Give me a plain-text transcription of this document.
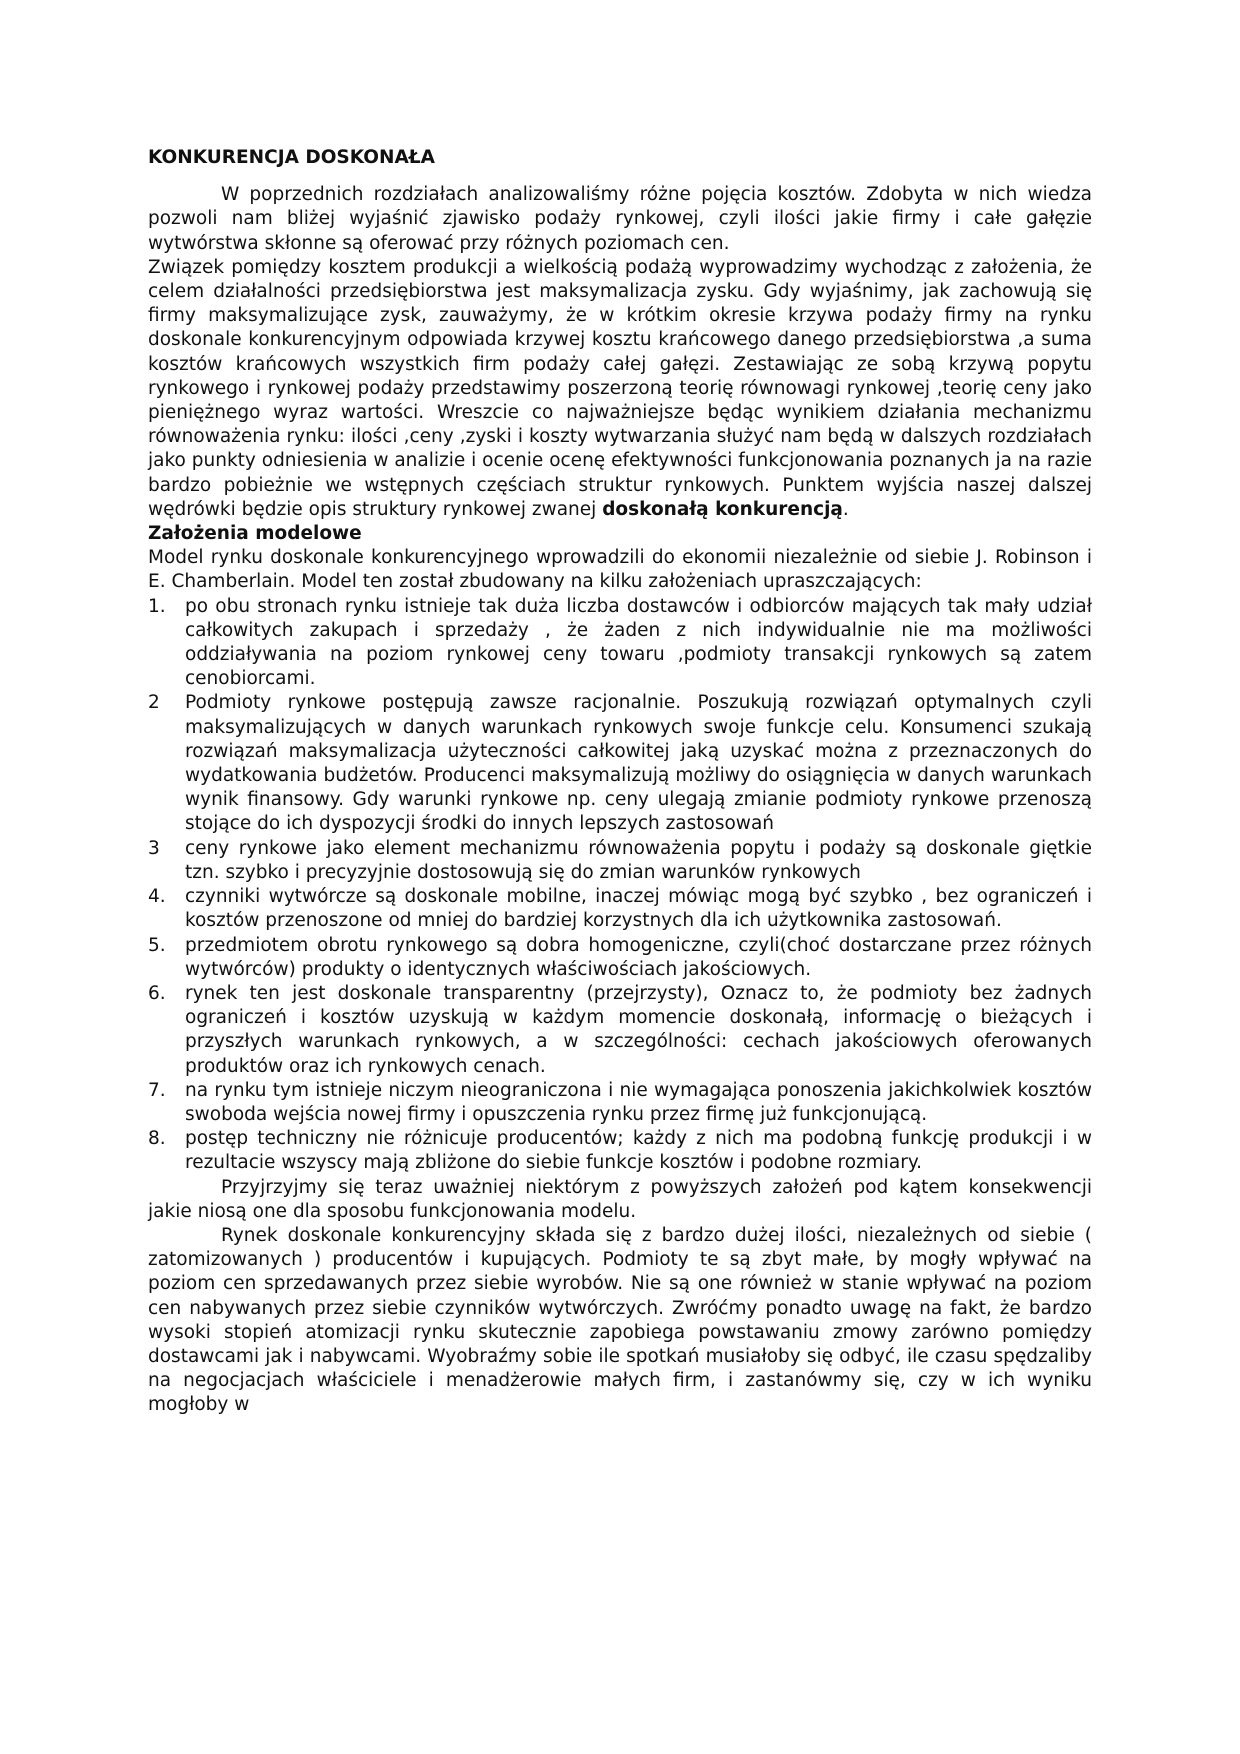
KONKURENCJA DOSKONAŁA

W poprzednich rozdziałach analizowaliśmy różne pojęcia kosztów. Zdobyta w nich wiedza pozwoli nam bliżej wyjaśnić zjawisko podaży rynkowej, czyli ilości jakie firmy i całe gałęzie wytwórstwa skłonne są oferować przy różnych poziomach cen.

Związek pomiędzy kosztem produkcji a wielkością podażą wyprowadzimy wychodząc z założenia, że celem działalności przedsiębiorstwa jest maksymalizacja zysku. Gdy wyjaśnimy, jak zachowują się firmy maksymalizujące zysk, zauważymy, że w krótkim okresie krzywa podaży firmy na rynku doskonale konkurencyjnym odpowiada krzywej kosztu krańcowego danego przedsiębiorstwa ,a suma kosztów krańcowych wszystkich firm podaży całej gałęzi. Zestawiając ze sobą krzywą popytu rynkowego i rynkowej podaży przedstawimy poszerzoną teorię równowagi rynkowej ,teorię ceny jako pieniężnego wyraz wartości. Wreszcie co najważniejsze będąc wynikiem działania mechanizmu równoważenia rynku: ilości ,ceny ,zyski i koszty wytwarzania służyć nam będą w dalszych rozdziałach jako punkty odniesienia w analizie i ocenie ocenę efektywności funkcjonowania poznanych ja na razie bardzo pobieżnie we wstępnych częściach struktur rynkowych. Punktem wyjścia naszej dalszej wędrówki będzie opis struktury rynkowej zwanej doskonałą konkurencją.

Założenia modelowe

Model rynku doskonale konkurencyjnego wprowadzili do ekonomii niezależnie od siebie J. Robinson i E. Chamberlain. Model ten został zbudowany na kilku założeniach upraszczających:

1. po obu stronach rynku istnieje tak duża liczba dostawców i odbiorców mających tak mały udział całkowitych zakupach i sprzedaży , że żaden z nich indywidualnie nie ma możliwości oddziaływania na poziom rynkowej ceny towaru ,podmioty transakcji rynkowych są zatem cenobiorcami.
2 Podmioty rynkowe postępują zawsze racjonalnie. Poszukują rozwiązań optymalnych czyli maksymalizujących w danych warunkach rynkowych swoje funkcje celu. Konsumenci szukają rozwiązań maksymalizacja użyteczności całkowitej jaką uzyskać można z przeznaczonych do wydatkowania budżetów. Producenci maksymalizują możliwy do osiągnięcia w danych warunkach wynik finansowy. Gdy warunki rynkowe np. ceny ulegają zmianie podmioty rynkowe przenoszą stojące do ich dyspozycji środki do innych lepszych zastosowań
3 ceny rynkowe jako element mechanizmu równoważenia popytu i podaży są doskonale giętkie tzn. szybko i precyzyjnie dostosowują się do zmian warunków rynkowych
4. czynniki wytwórcze są doskonale mobilne, inaczej mówiąc mogą być szybko , bez ograniczeń i kosztów przenoszone od mniej do bardziej korzystnych dla ich użytkownika zastosowań.
5. przedmiotem obrotu rynkowego są dobra homogeniczne, czyli(choć dostarczane przez różnych wytwórców) produkty o identycznych właściwościach jakościowych.
6. rynek ten jest doskonale transparentny (przejrzysty), Oznacz to, że podmioty bez żadnych ograniczeń i kosztów uzyskują w każdym momencie doskonałą, informację o bieżących i przyszłych warunkach rynkowych, a w szczególności: cechach jakościowych oferowanych produktów oraz ich rynkowych cenach.
7. na rynku tym istnieje niczym nieograniczona i nie wymagająca ponoszenia jakichkolwiek kosztów swoboda wejścia nowej firmy i opuszczenia rynku przez firmę już funkcjonującą.
8. postęp techniczny nie różnicuje producentów; każdy z nich ma podobną funkcję produkcji i w rezultacie wszyscy mają zbliżone do siebie funkcje kosztów i podobne rozmiary.

Przyjrzyjmy się teraz uważniej niektórym z powyższych założeń pod kątem konsekwencji jakie niosą one dla sposobu funkcjonowania modelu.

Rynek doskonale konkurencyjny składa się z bardzo dużej ilości, niezależnych od siebie ( zatomizowanych ) producentów i kupujących. Podmioty te są zbyt małe, by mogły wpływać na poziom cen sprzedawanych przez siebie wyrobów. Nie są one również w stanie wpływać na poziom cen nabywanych przez siebie czynników wytwórczych. Zwróćmy ponadto uwagę na fakt, że bardzo wysoki stopień atomizacji rynku skutecznie zapobiega powstawaniu zmowy zarówno pomiędzy dostawcami jak i nabywcami. Wyobraźmy sobie ile spotkań musiałoby się odbyć, ile czasu spędzaliby na negocjacjach właściciele i menadżerowie małych firm, i zastanówmy się, czy w ich wyniku mogłoby w
